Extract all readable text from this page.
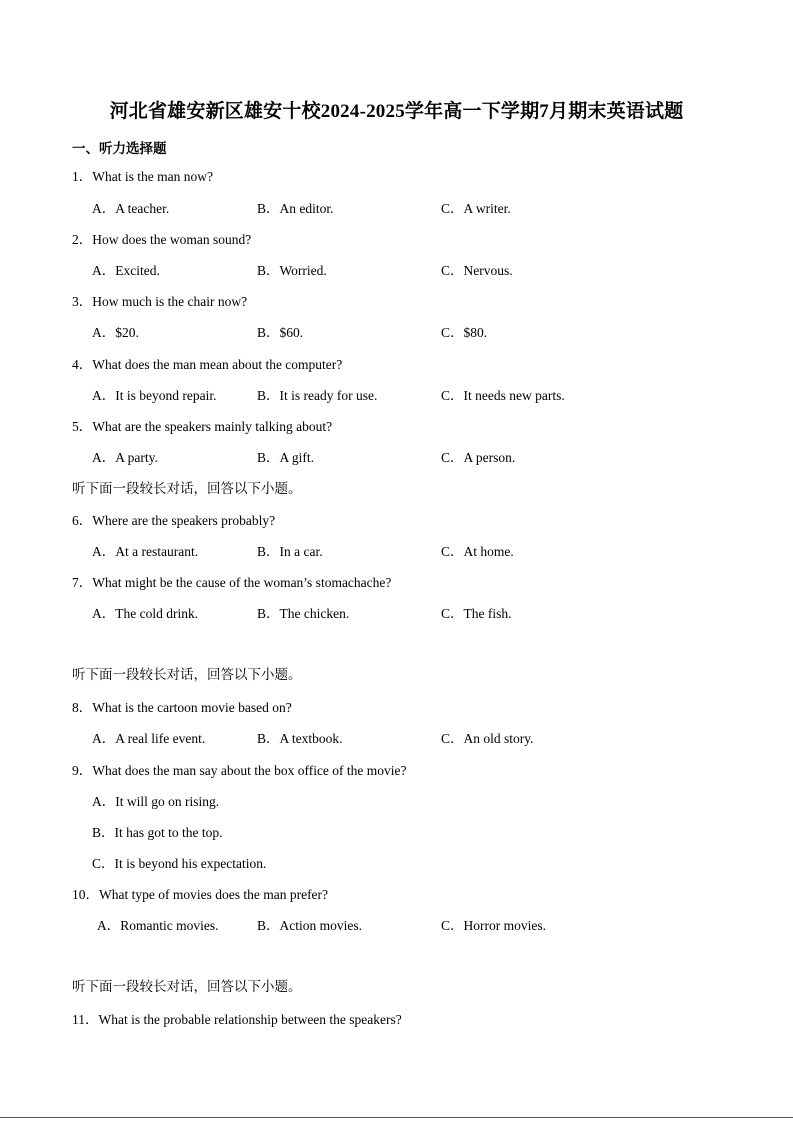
河北省雄安新区雄安十校2024-2025学年高一下学期7月期末英语试题
一、听力选择题
1．What is the man now?
A．A teacher.	B．An editor.	C．A writer.
2．How does the woman sound?
A．Excited.	B．Worried.	C．Nervous.
3．How much is the chair now?
A．$20.	B．$60.	C．$80.
4．What does the man mean about the computer?
A．It is beyond repair.	B．It is ready for use.	C．It needs new parts.
5．What are the speakers mainly talking about?
A．A party.	B．A gift.	C．A person.
听下面一段较长对话，回答以下小题。
6．Where are the speakers probably?
A．At a restaurant.	B．In a car.	C．At home.
7．What might be the cause of the woman’s stomachache?
A．The cold drink.	B．The chicken.	C．The fish.
听下面一段较长对话，回答以下小题。
8．What is the cartoon movie based on?
A．A real life event.	B．A textbook.	C．An old story.
9．What does the man say about the box office of the movie?
A．It will go on rising.
B．It has got to the top.
C．It is beyond his expectation.
10．What type of movies does the man prefer?
A．Romantic movies.	B．Action movies.	C．Horror movies.
听下面一段较长对话，回答以下小题。
11．What is the probable relationship between the speakers?
